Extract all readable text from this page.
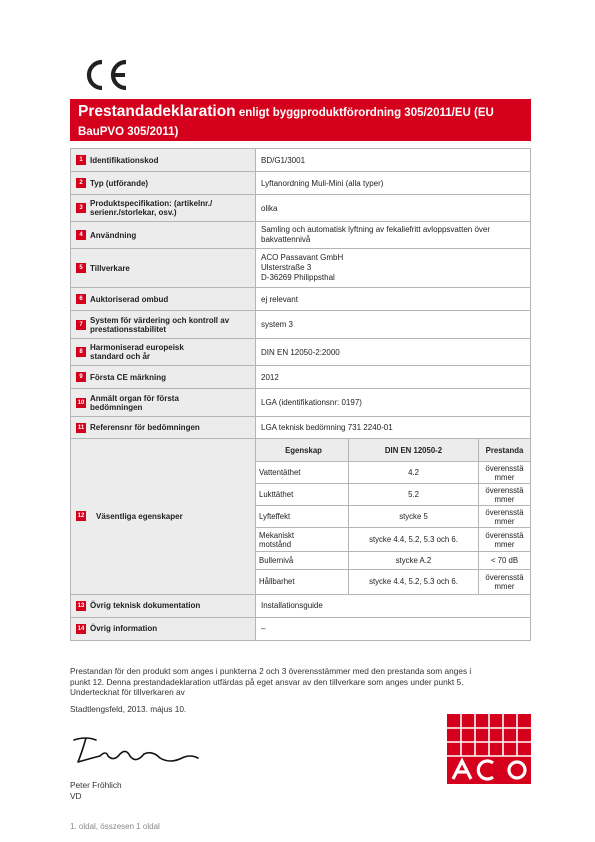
Prestandadeklaration enligt byggproduktförordning 305/2011/EU (EU
BauPVO 305/2011)
1 Identifikationskod	BD/G1/3001

2 Typ (utförande)	Lyftanordning Muli-Mini (alla typer)

3 Produktspecifikation: (artikelnr./
serienr./storlekar, osv.)	olika

4 Användning
	Samling och automatisk lyftning av fekaliefritt avloppsvatten över
bakvattennivå

5 Tillverkare
	ACO Passavant GmbH
Ulsterstraße 3
D-36269 Philippsthal

6 Auktoriserad ombud	ej relevant

7 System för värdering och kontroll av
prestationsstabilitet	system 3

8 Harmoniserad europeisk
standard och år	DIN EN 12050-2:2000

9 Första CE märkning	2012

10 Anmält organ för första
bedömningen	LGA (identifikationsnr: 0197)

11 Referensnr för bedömningen	LGA teknisk bedömning 731 2240-01

12 Väsentliga egenskaper

Egenskap	DIN EN 12050-2	Prestanda
Vattentäthet	4.2	överensstä
mmer
Lukttäthet	5.2	överensstä
mmer
Lyfteffekt	stycke 5	överensstä
mmer
Mekaniskt
motstånd	stycke 4.4, 5.2, 5.3 och 6.	överensstä
mmer
Bullernivå	stycke A.2	< 70 dB
Hållbarhet	stycke 4.4, 5.2, 5.3 och 6.	överensstä
mmer

13 Övrig teknisk dokumentation	Installationsguide

14 Övrig information	–
Prestandan för den produkt som anges i punkterna 2 och 3 överensstämmer med den prestanda som anges i
punkt 12. Denna prestandadeklaration utfärdas på eget ansvar av den tillverkare som anges under punkt 5.
Undertecknat för tillverkaren av
Stadtlengsfeld, 2013. május 10.
Peter Fröhlich
VD
1. oldal, összesen 1 oldal
